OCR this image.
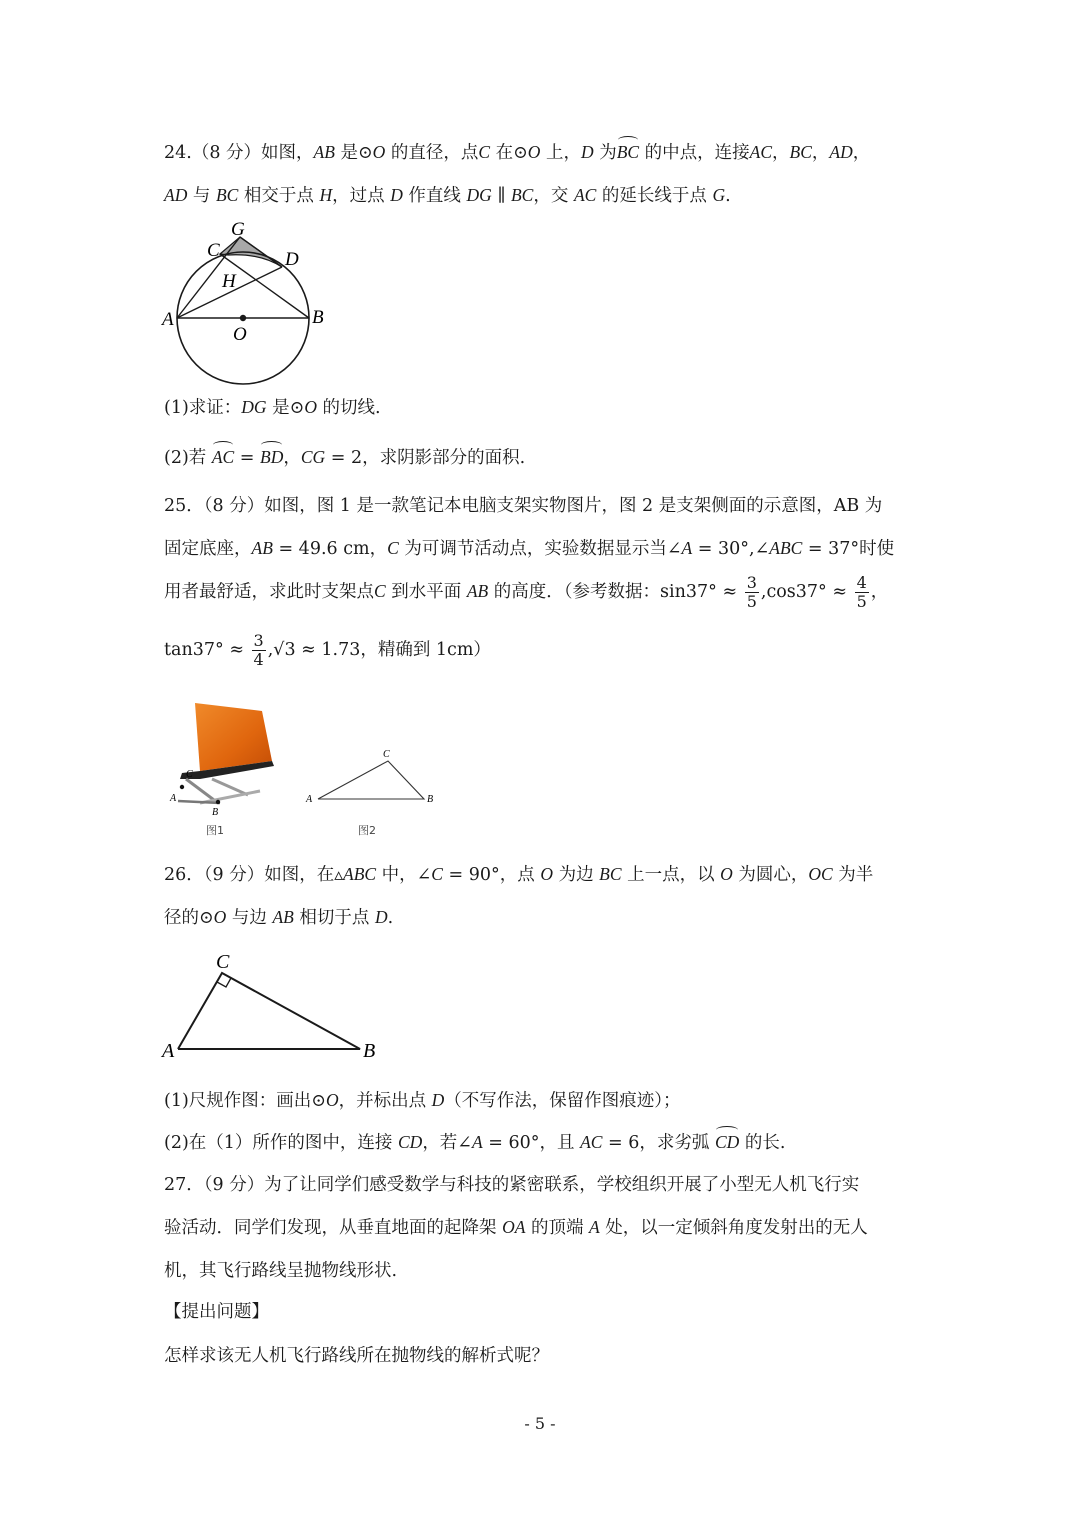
24.（8 分）如图，AB 是⊙O 的直径，点C 在⊙O 上，D 为BC 的中点，连接AC，BC，AD，
AD 与 BC 相交于点 H，过点 D 作直线 DG ∥ BC，交 AC 的延长线于点 G.
G
C	D
H
A
O
B
(1)求证：DG 是⊙O 的切线.
(2)若 AC = BD，CG = 2，求阴影部分的面积.
25．（8 分）如图，图 1 是一款笔记本电脑支架实物图片，图 2 是支架侧面的示意图，AB 为
固定底座，AB = 49.6 cm，C 为可调节活动点，实验数据显示当∠A = 30°,∠ABC = 37°时使
用者最舒适，求此时支架点C 到水平面 AB 的高度．（参考数据：$\sin 37^\circ \approx \frac{3}{5} ,\cos 37^\circ \approx \frac{4}{5}$ ，
$\tan 37^\circ \approx \frac{3}{4} ,√3 \approx 1.73$，精确到 1cm）
C
A
B
图1
C
A	B
图2
26．（9 分）如图，在▵ABC 中，∠C = 90°，点 O 为边 BC 上一点，以 O 为圆心，OC 为半
径的⊙O 与边 AB 相切于点 D.
C
A	B
(1)尺规作图：画出⊙O，并标出点 D（不写作法，保留作图痕迹）；
(2)在（1）所作的图中，连接 CD，若∠A = 60°，且 AC = 6，求劣弧 CD 的长.
27．（9 分）为了让同学们感受数学与科技的紧密联系，学校组织开展了小型无人机飞行实
验活动．同学们发现，从垂直地面的起降架 OA 的顶端 A 处，以一定倾斜角度发射出的无人
机，其飞行路线呈抛物线形状.
【提出问题】
怎样求该无人机飞行路线所在抛物线的解析式呢？
- 5 -
